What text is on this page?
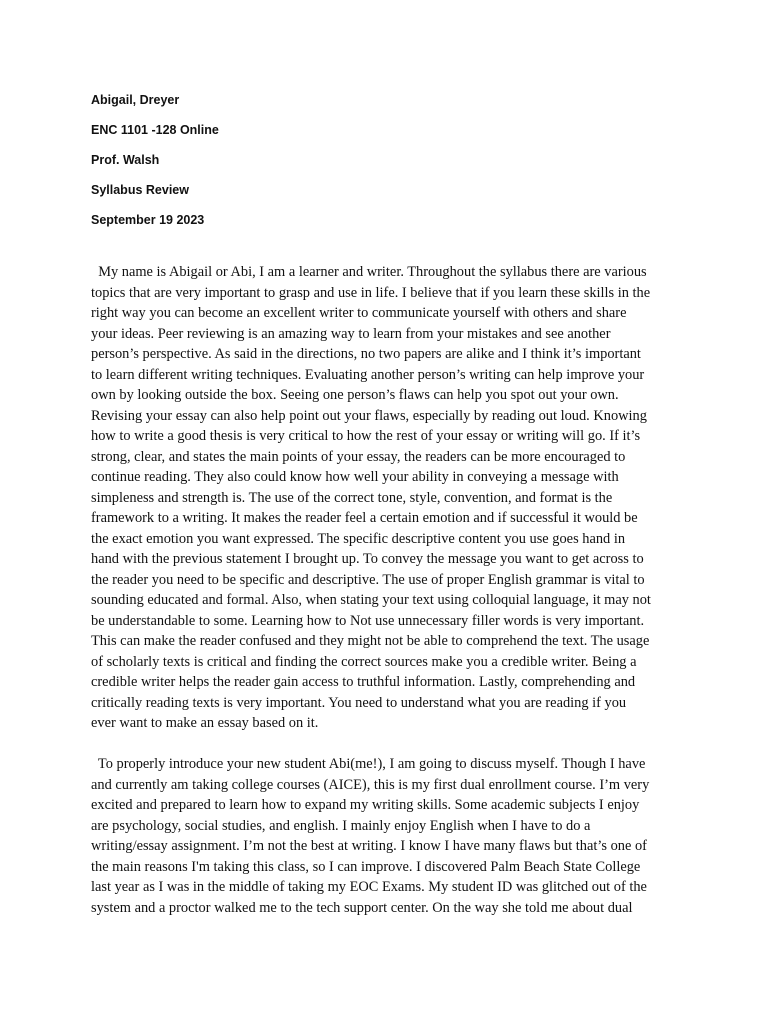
Abigail, Dreyer
ENC 1101 -128 Online
Prof. Walsh
Syllabus Review
September 19 2023
My name is Abigail or Abi, I am a learner and writer. Throughout the syllabus there are various
topics that are very important to grasp and use in life. I believe that if you learn these skills in the
right way you can become an excellent writer to communicate yourself with others and share
your ideas. Peer reviewing is an amazing way to learn from your mistakes and see another
person’s perspective. As said in the directions, no two papers are alike and I think it’s important
to learn different writing techniques. Evaluating another person’s writing can help improve your
own by looking outside the box. Seeing one person’s flaws can help you spot out your own.
Revising your essay can also help point out your flaws, especially by reading out loud. Knowing
how to write a good thesis is very critical to how the rest of your essay or writing will go. If it’s
strong, clear, and states the main points of your essay, the readers can be more encouraged to
continue reading. They also could know how well your ability in conveying a message with
simpleness and strength is. The use of the correct tone, style, convention, and format is the
framework to a writing. It makes the reader feel a certain emotion and if successful it would be
the exact emotion you want expressed. The specific descriptive content you use goes hand in
hand with the previous statement I brought up. To convey the message you want to get across to
the reader you need to be specific and descriptive. The use of proper English grammar is vital to
sounding educated and formal. Also, when stating your text using colloquial language, it may not
be understandable to some. Learning how to Not use unnecessary filler words is very important.
This can make the reader confused and they might not be able to comprehend the text. The usage
of scholarly texts is critical and finding the correct sources make you a credible writer. Being a
credible writer helps the reader gain access to truthful information. Lastly, comprehending and
critically reading texts is very important. You need to understand what you are reading if you
ever want to make an essay based on it.
To properly introduce your new student Abi(me!), I am going to discuss myself. Though I have
and currently am taking college courses (AICE), this is my first dual enrollment course. I’m very
excited and prepared to learn how to expand my writing skills. Some academic subjects I enjoy
are psychology, social studies, and english. I mainly enjoy English when I have to do a
writing/essay assignment. I’m not the best at writing. I know I have many flaws but that’s one of
the main reasons I'm taking this class, so I can improve. I discovered Palm Beach State College
last year as I was in the middle of taking my EOC Exams. My student ID was glitched out of the
system and a proctor walked me to the tech support center. On the way she told me about dual
